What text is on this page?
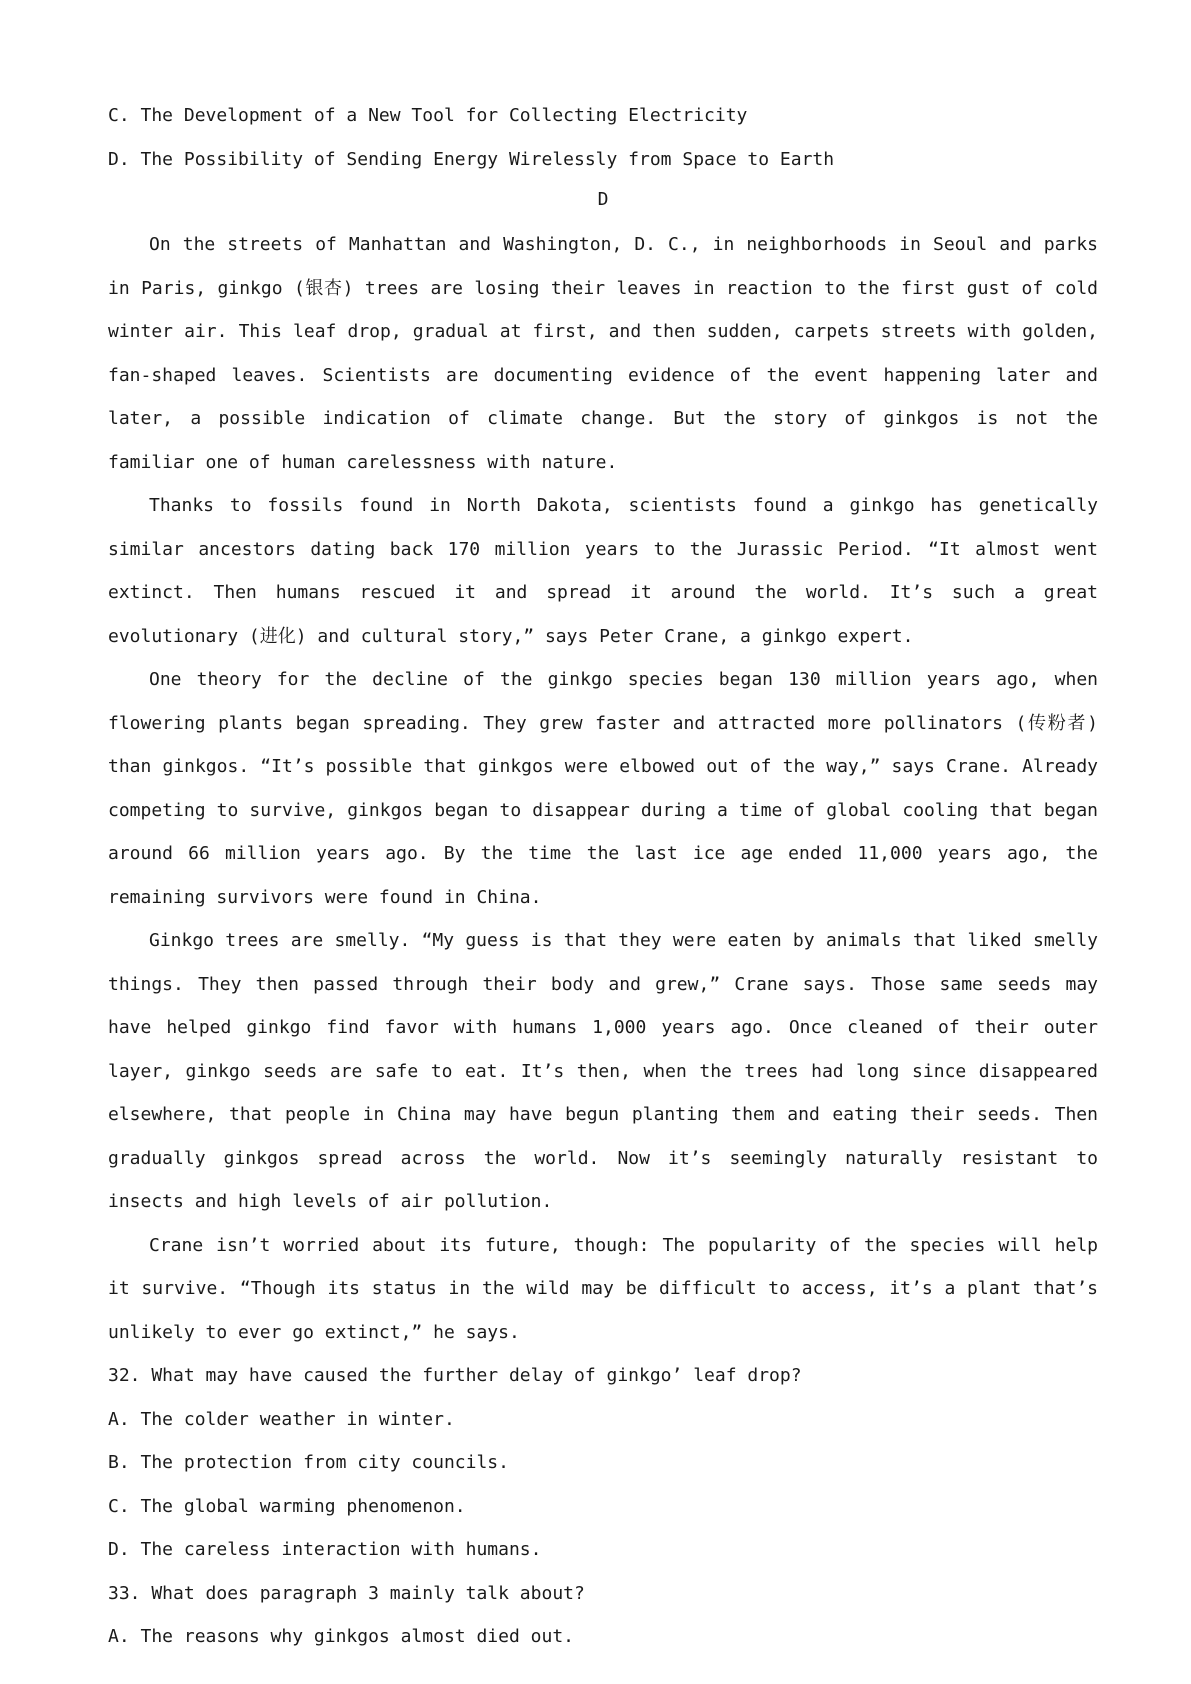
C. The Development of a New Tool for Collecting Electricity

D. The Possibility of Sending Energy Wirelessly from Space to Earth

D

On the streets of Manhattan and Washington, D. C., in neighborhoods in Seoul and parks in Paris, ginkgo (银杏) trees are losing their leaves in reaction to the first gust of cold winter air. This leaf drop, gradual at first, and then sudden, carpets streets with golden, fan-shaped leaves. Scientists are documenting evidence of the event happening later and later, a possible indication of climate change. But the story of ginkgos is not the familiar one of human carelessness with nature.

Thanks to fossils found in North Dakota, scientists found a ginkgo has genetically similar ancestors dating back 170 million years to the Jurassic Period. “It almost went extinct. Then humans rescued it and spread it around the world. It’s such a great evolutionary (进化) and cultural story,” says Peter Crane, a ginkgo expert.

One theory for the decline of the ginkgo species began 130 million years ago, when flowering plants began spreading. They grew faster and attracted more pollinators (传粉者) than ginkgos. “It’s possible that ginkgos were elbowed out of the way,” says Crane. Already competing to survive, ginkgos began to disappear during a time of global cooling that began around 66 million years ago. By the time the last ice age ended 11,000 years ago, the remaining survivors were found in China.

Ginkgo trees are smelly. “My guess is that they were eaten by animals that liked smelly things. They then passed through their body and grew,” Crane says. Those same seeds may have helped ginkgo find favor with humans 1,000 years ago. Once cleaned of their outer layer, ginkgo seeds are safe to eat. It’s then, when the trees had long since disappeared elsewhere, that people in China may have begun planting them and eating their seeds. Then gradually ginkgos spread across the world. Now it’s seemingly naturally resistant to insects and high levels of air pollution.

Crane isn’t worried about its future, though: The popularity of the species will help it survive. “Though its status in the wild may be difficult to access, it’s a plant that’s unlikely to ever go extinct,” he says.

32. What may have caused the further delay of ginkgo’ leaf drop?

A. The colder weather in winter.

B. The protection from city councils.

C. The global warming phenomenon.

D. The careless interaction with humans.

33. What does paragraph 3 mainly talk about?

A. The reasons why ginkgos almost died out.
